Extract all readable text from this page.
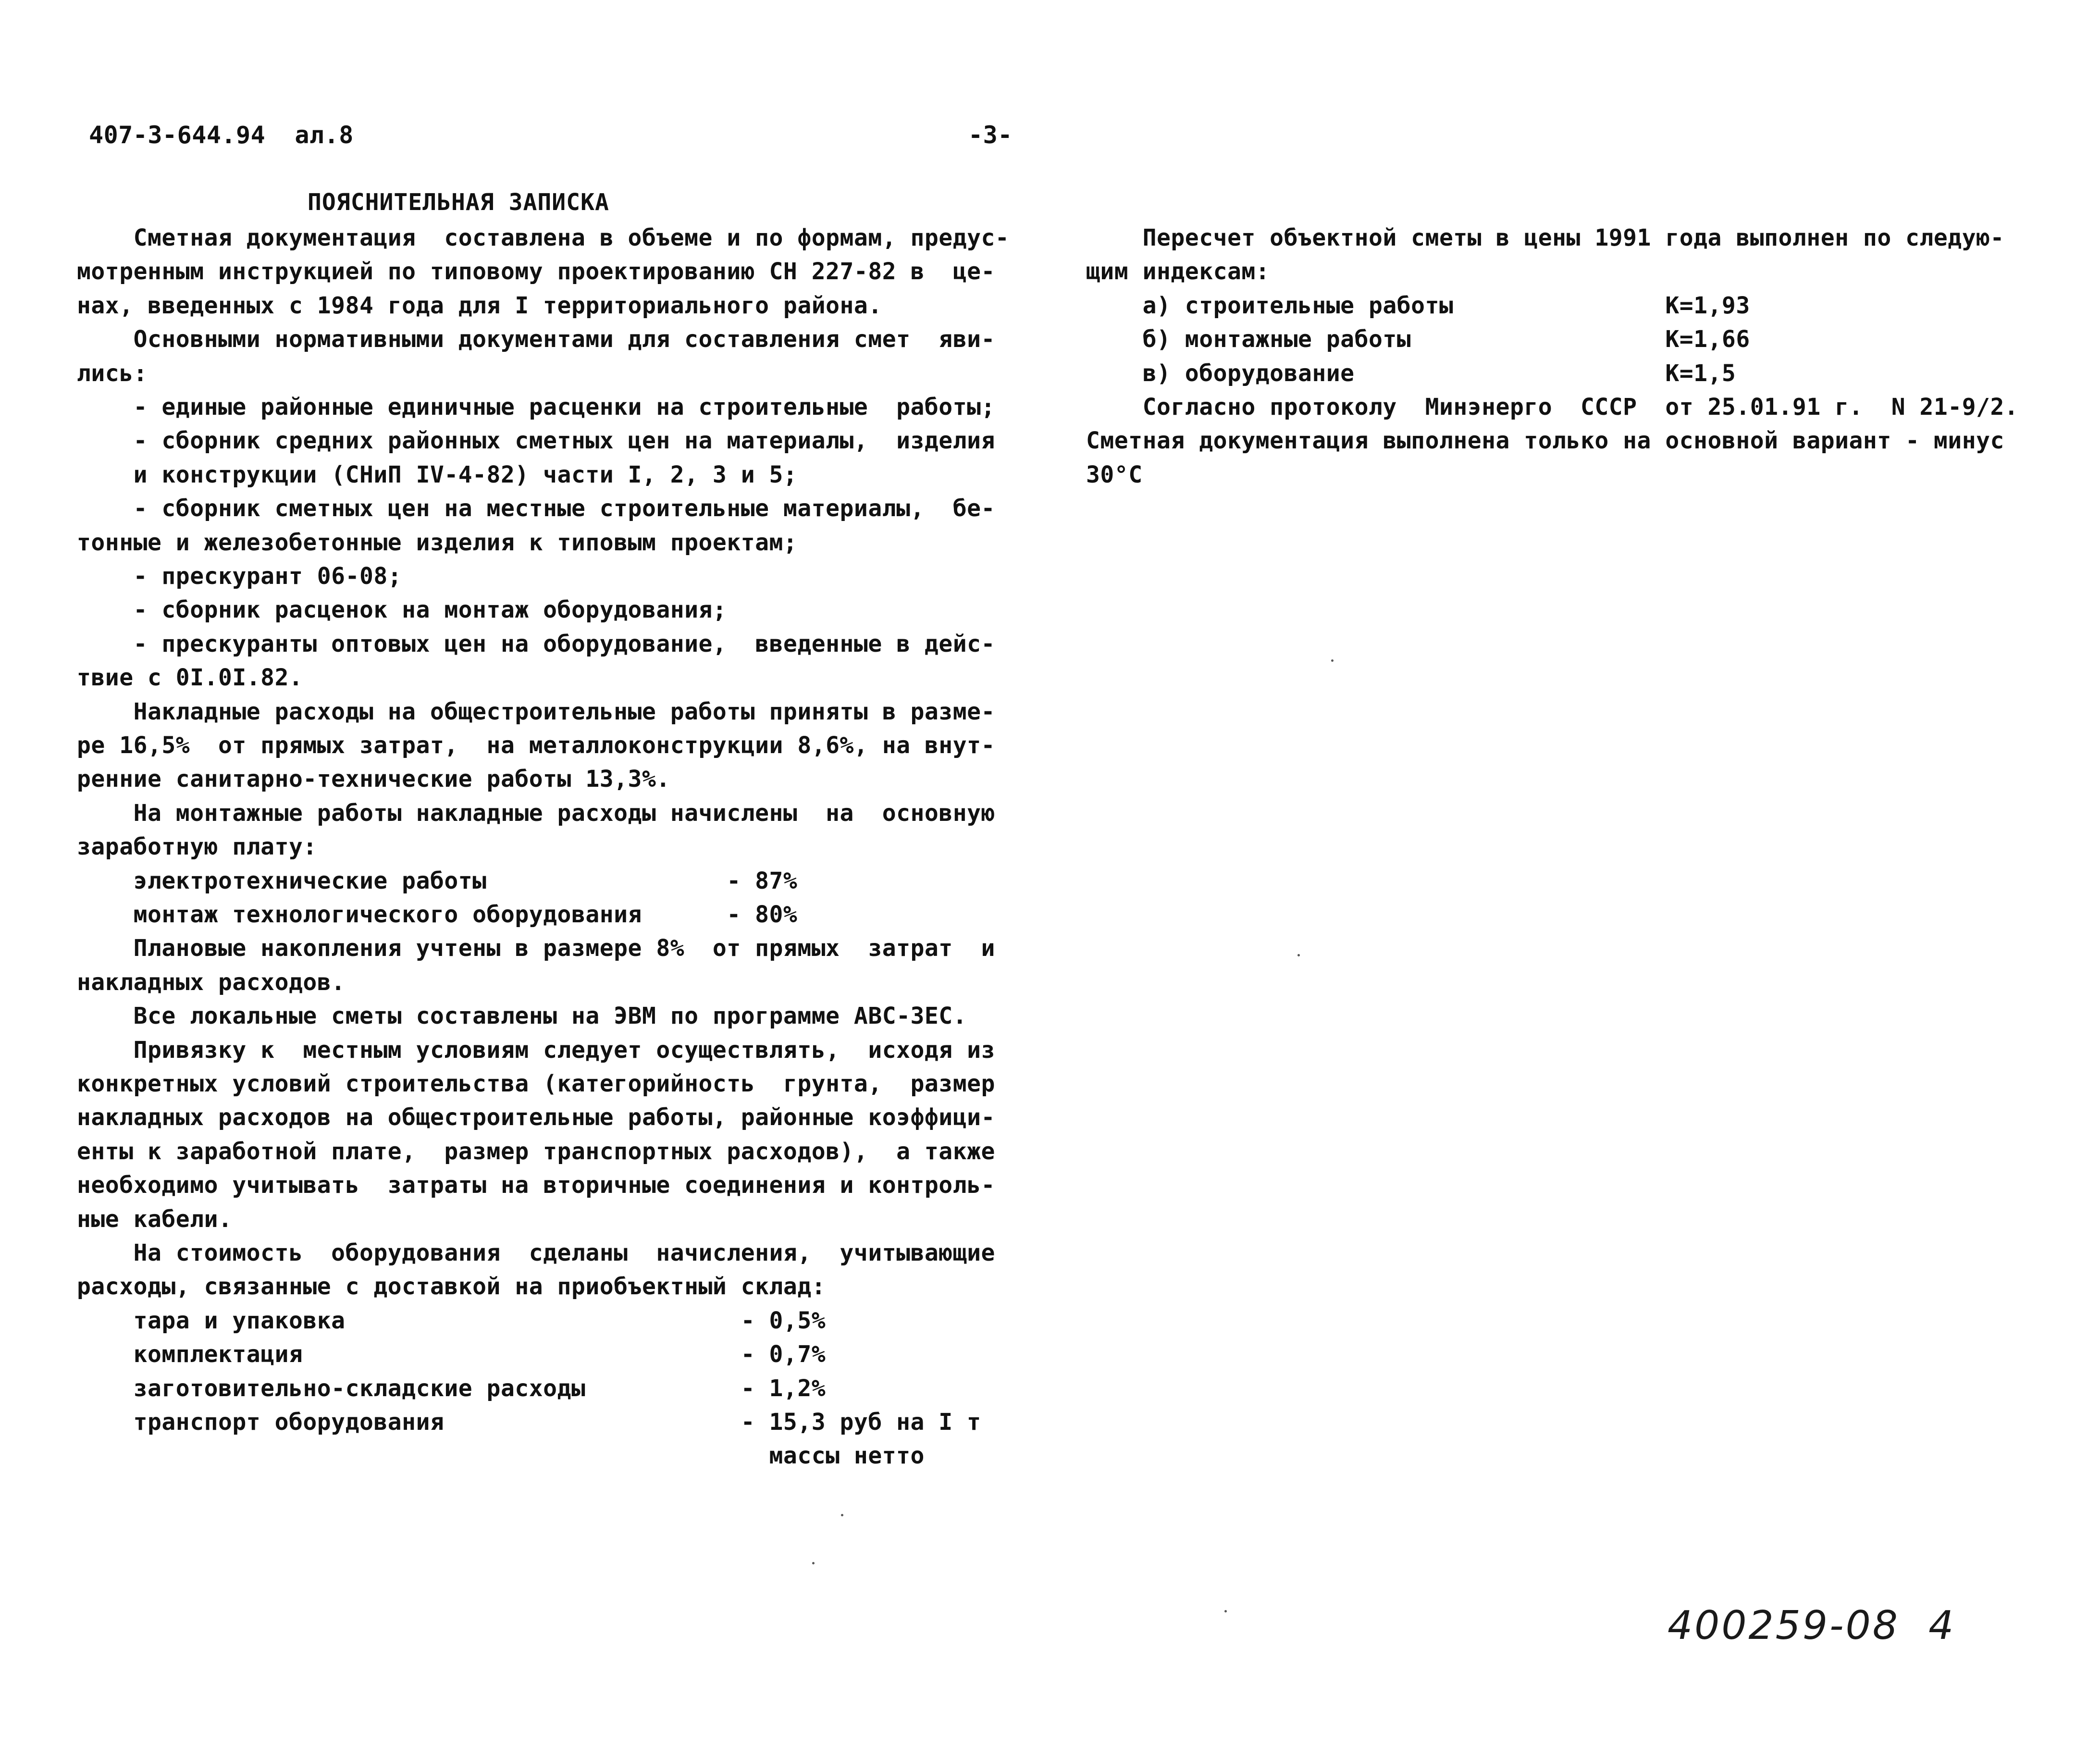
407-3-644.94  ал.8	-3-
ПОЯСНИТЕЛЬНАЯ ЗАПИСКА
Сметная документация  составлена в объеме и по формам, предус-
мотренным инструкцией по типовому проектированию СН 227-82 в  це-
нах, введенных с 1984 года для I территориального района.
Основными нормативными документами для составления смет  яви-
лись:
- единые районные единичные расценки на строительные  работы;
- сборник средних районных сметных цен на материалы,  изделия
и конструкции (СНиП IV-4-82) части I, 2, 3 и 5;
- сборник сметных цен на местные строительные материалы,  бе-
тонные и железобетонные изделия к типовым проектам;
- прескурант 06-08;
- сборник расценок на монтаж оборудования;
- прескуранты оптовых цен на оборудование,  введенные в дейс-
твие с 0I.0I.82.
Накладные расходы на общестроительные работы приняты в разме-
ре 16,5%  от прямых затрат,  на металлоконструкции 8,6%, на внут-
ренние санитарно-технические работы 13,3%.
На монтажные работы накладные расходы начислены  на  основную
заработную плату:
электротехнические работы                 - 87%
монтаж технологического оборудования      - 80%
Плановые накопления учтены в размере 8%  от прямых  затрат  и
накладных расходов.
Все локальные сметы составлены на ЭВМ по программе АВС-3ЕС.
Привязку к  местным условиям следует осуществлять,  исходя из
конкретных условий строительства (категорийность  грунта,  размер
накладных расходов на общестроительные работы, районные коэффици-
енты к заработной плате,  размер транспортных расходов),  а также
необходимо учитывать  затраты на вторичные соединения и контроль-
ные кабели.
На стоимость  оборудования  сделаны  начисления,  учитывающие
расходы, связанные с доставкой на приобъектный склад:
тара и упаковка                            - 0,5%
комплектация                               - 0,7%
заготовительно-складские расходы           - 1,2%
транспорт оборудования                     - 15,3 руб на I т
массы нетто
Пересчет объектной сметы в цены 1991 года выполнен по следую-
щим индексам:
а) строительные работы               К=1,93
б) монтажные работы                  К=1,66
в) оборудование                      К=1,5
Согласно протоколу  Минэнерго  СССР  от 25.01.91 г.  N 21-9/2.
Сметная документация выполнена только на основной вариант - минус
30°С
400259-08  4
